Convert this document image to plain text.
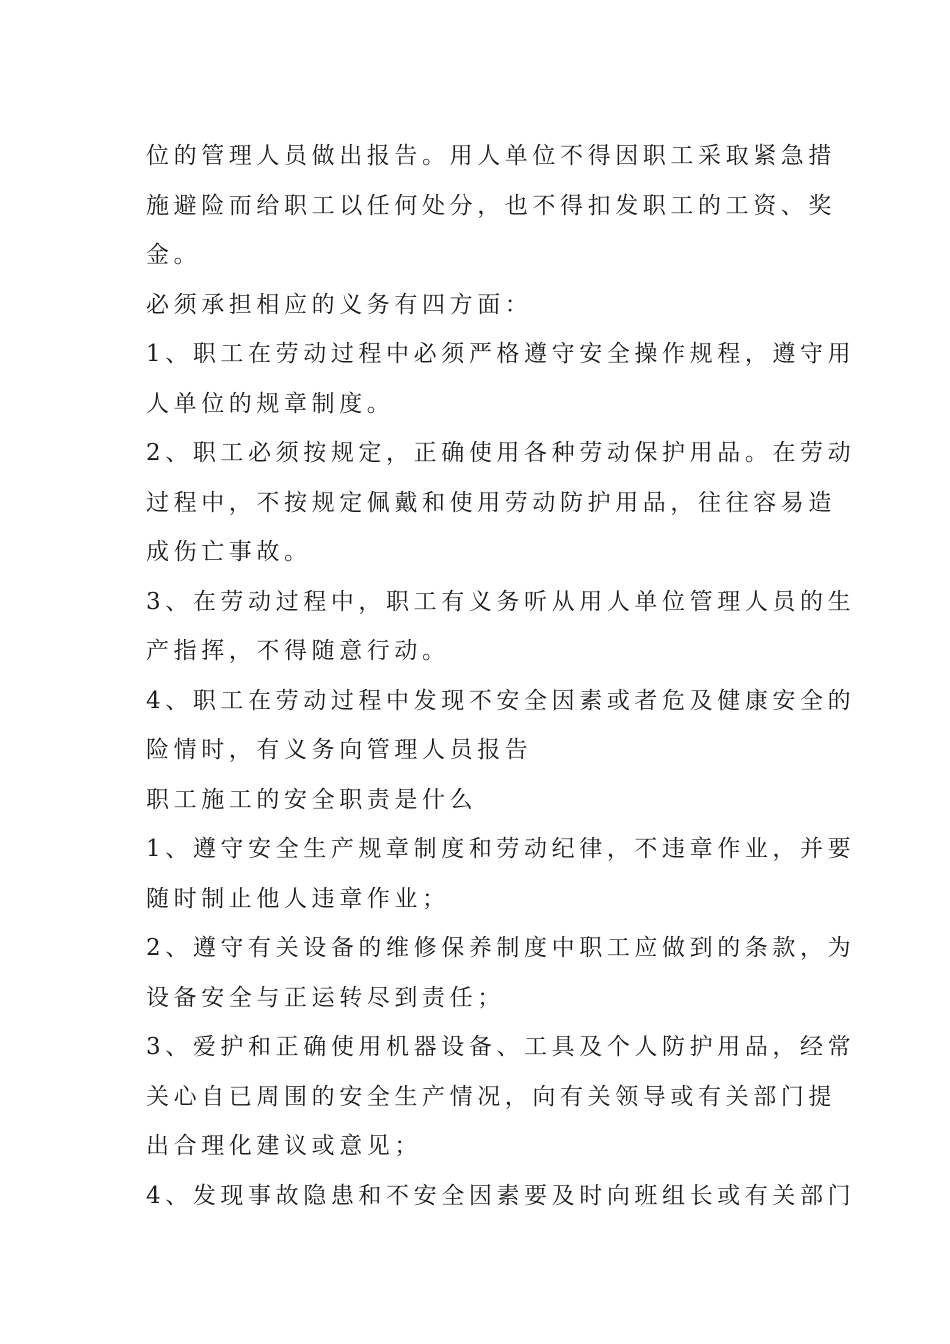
位的管理人员做出报告。用人单位不得因职工采取紧急措
施避险而给职工以任何处分，也不得扣发职工的工资、奖
金。
必须承担相应的义务有四方面：
1、职工在劳动过程中必须严格遵守安全操作规程，遵守用
人单位的规章制度。
2、职工必须按规定，正确使用各种劳动保护用品。在劳动
过程中，不按规定佩戴和使用劳动防护用品，往往容易造
成伤亡事故。
3、在劳动过程中，职工有义务听从用人单位管理人员的生
产指挥，不得随意行动。
4、职工在劳动过程中发现不安全因素或者危及健康安全的
险情时，有义务向管理人员报告
职工施工的安全职责是什么
1、遵守安全生产规章制度和劳动纪律，不违章作业，并要
随时制止他人违章作业；
2、遵守有关设备的维修保养制度中职工应做到的条款，为
设备安全与正运转尽到责任；
3、爱护和正确使用机器设备、工具及个人防护用品，经常
关心自已周围的安全生产情况，向有关领导或有关部门提
出合理化建议或意见；
4、发现事故隐患和不安全因素要及时向班组长或有关部门
